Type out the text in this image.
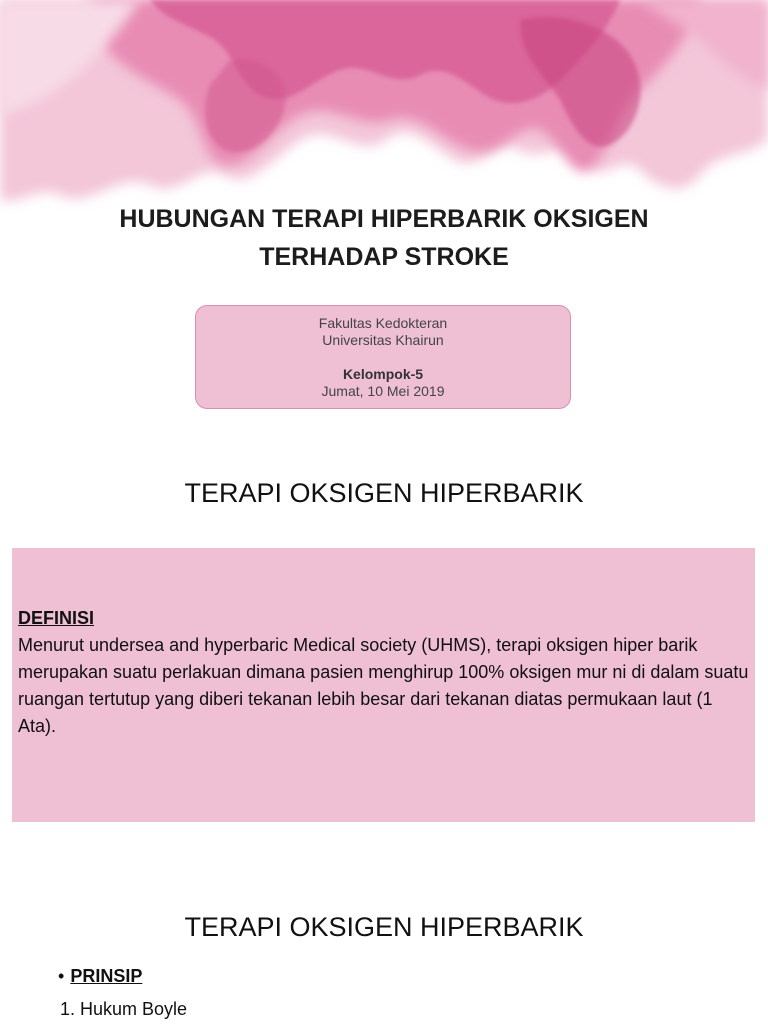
HUBUNGAN TERAPI HIPERBARIK OKSIGEN
TERHADAP STROKE
Fakultas Kedokteran
Universitas Khairun
Kelompok-5
Jumat, 10 Mei 2019
TERAPI OKSIGEN HIPERBARIK
DEFINISI
Menurut undersea and hyperbaric Medical society (UHMS), terapi oksigen hiper barik merupakan suatu perlakuan dimana pasien menghirup 100% oksigen mur ni di dalam suatu ruangan tertutup yang diberi tekanan lebih besar dari tekanan diatas permukaan laut (1 Ata).
TERAPI OKSIGEN HIPERBARIK
• PRINSIP
1. Hukum Boyle
